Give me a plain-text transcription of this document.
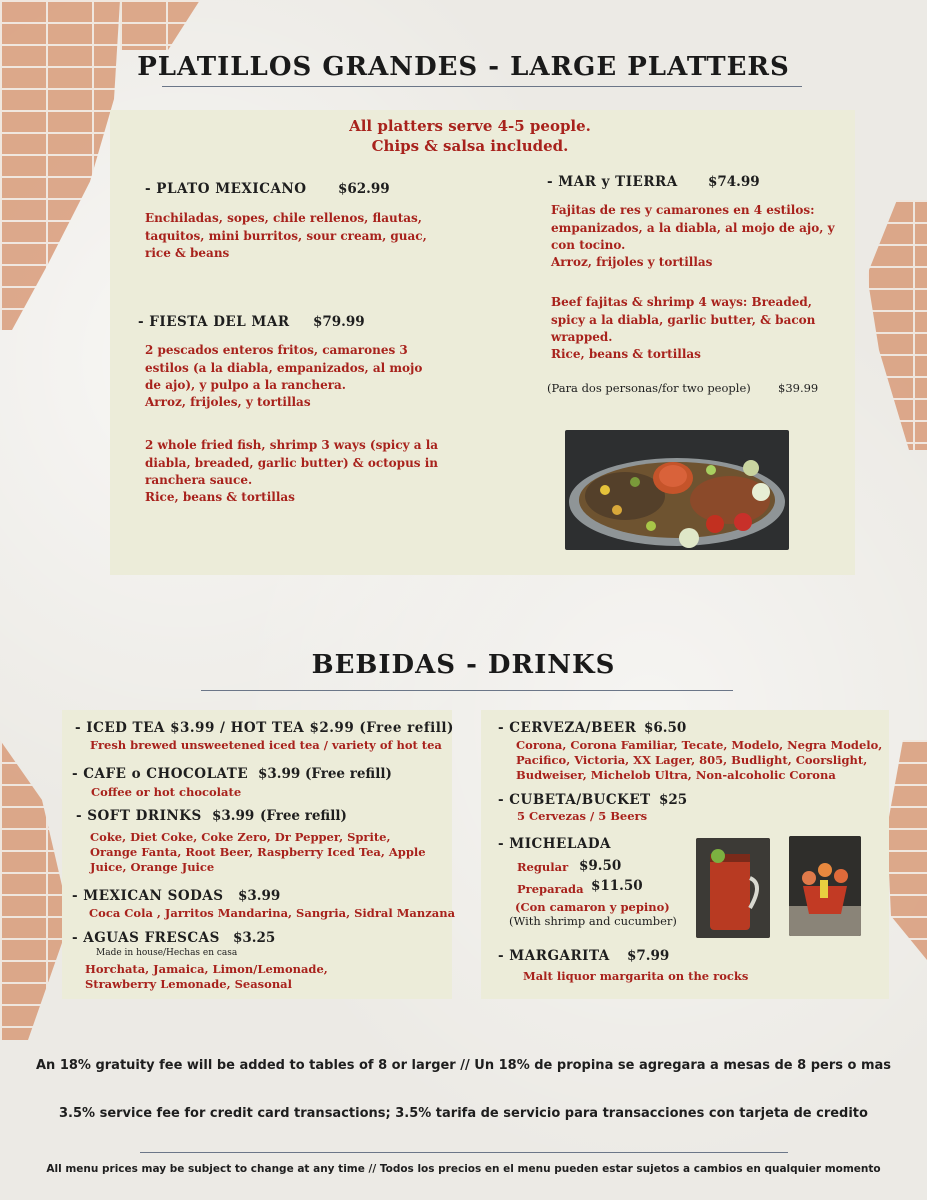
PLATILLOS GRANDES - LARGE PLATTERS
All platters serve 4-5 people.
Chips & salsa included.
- PLATO MEXICANO $62.99
Enchiladas, sopes, chile rellenos, flautas, taquitos, mini burritos, sour cream, guac, rice & beans
- FIESTA DEL MAR $79.99
2 pescados enteros fritos, camarones 3 estilos (a la diabla, empanizados, al mojo de ajo), y pulpo a la ranchera.
Arroz, frijoles, y tortillas
2 whole fried fish, shrimp 3 ways (spicy a la diabla, breaded, garlic butter) & octopus in ranchera sauce.
Rice, beans & tortillas
- MAR y TIERRA $74.99
Fajitas de res y camarones en 4 estilos: empanizados, a la diabla, al mojo de ajo, y con tocino.
Arroz, frijoles y tortillas
Beef fajitas & shrimp 4 ways: Breaded, spicy a la diabla, garlic butter, & bacon wrapped.
Rice, beans & tortillas
(Para dos personas/for two people) $39.99
BEBIDAS - DRINKS
- ICED TEA $3.99 / HOT TEA $2.99 (Free refill)
Fresh brewed unsweetened iced tea / variety of hot tea
- CAFE o CHOCOLATE $3.99 (Free refill)
Coffee or hot chocolate
- SOFT DRINKS $3.99 (Free refill)
Coke, Diet Coke, Coke Zero, Dr Pepper, Sprite, Orange Fanta, Root Beer, Raspberry Iced Tea, Apple Juice, Orange Juice
- MEXICAN SODAS $3.99
Coca Cola , Jarritos Mandarina, Sangria, Sidral Manzana
- AGUAS FRESCAS $3.25
Made in house/Hechas en casa
Horchata, Jamaica, Limon/Lemonade, Strawberry Lemonade, Seasonal
- CERVEZA/BEER $6.50
Corona, Corona Familiar, Tecate, Modelo, Negra Modelo, Pacifico, Victoria, XX Lager, 805, Budlight, Coorslight, Budweiser, Michelob Ultra, Non-alcoholic Corona
- CUBETA/BUCKET $25
5 Cervezas / 5 Beers
- MICHELADA
Regular $9.50
Preparada $11.50
(Con camaron y pepino)
(With shrimp and cucumber)
- MARGARITA $7.99
Malt liquor margarita on the rocks
An 18% gratuity fee will be added to tables of 8 or larger // Un 18% de propina se agregara a mesas de 8 pers o mas
3.5% service fee for credit card transactions; 3.5% tarifa de servicio para transacciones con tarjeta de credito
All menu prices may be subject to change at any time // Todos los precios en el menu pueden estar sujetos a cambios en qualquier momento
